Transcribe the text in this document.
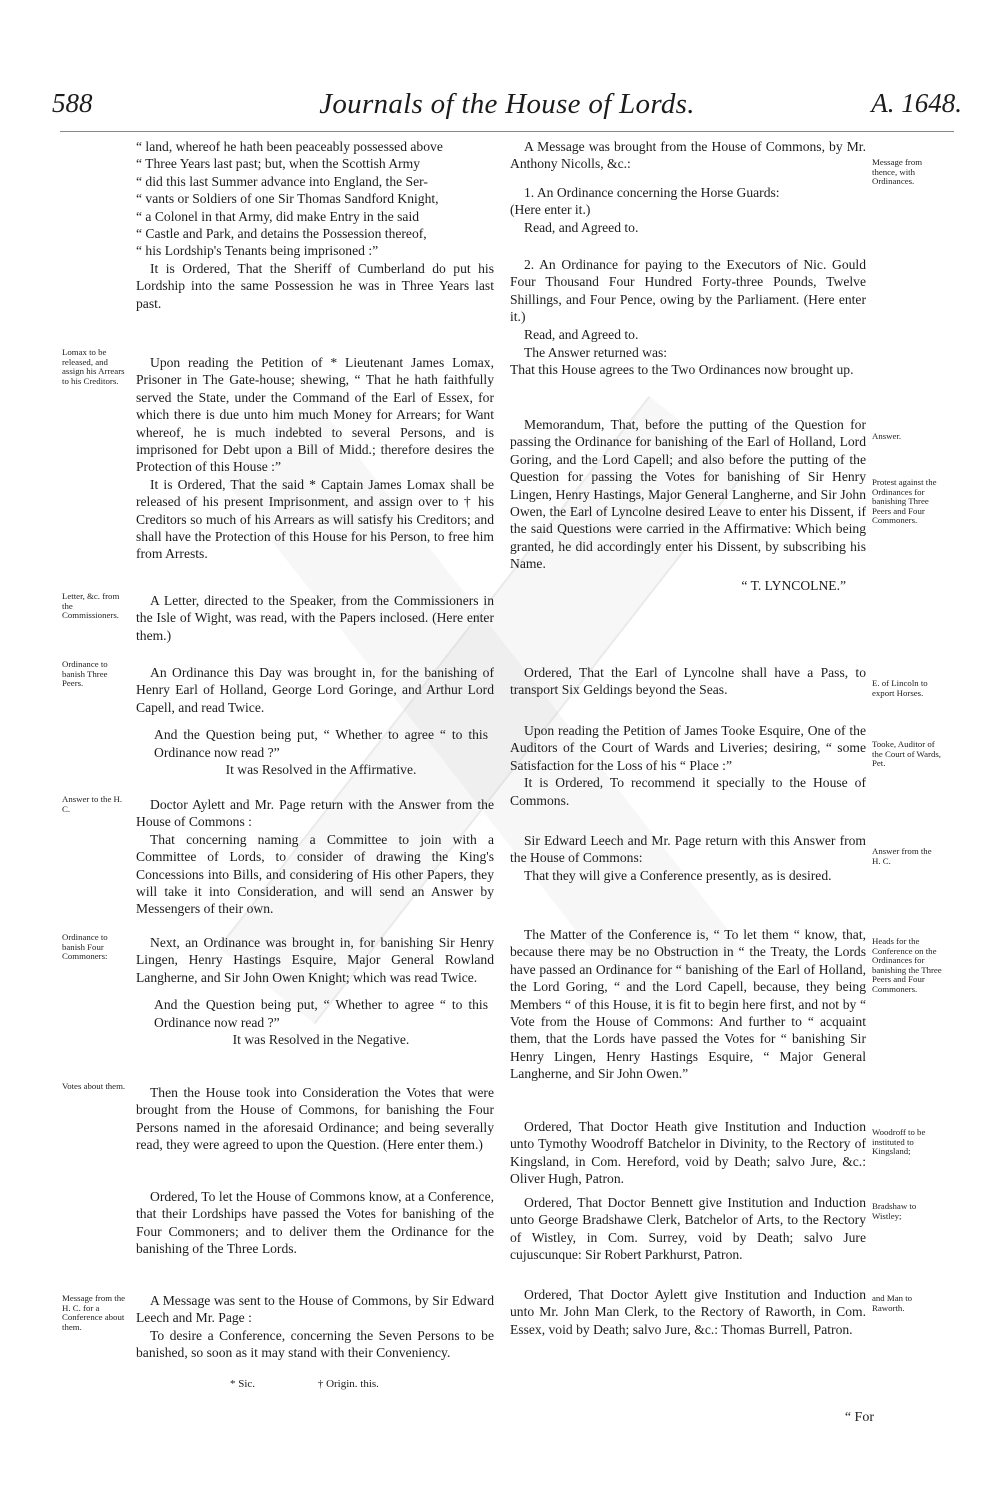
588	Journals of the House of Lords.	A. 1648.
Lomax to be released, and assign his Arrears to his Creditors.
Letter, &c. from the Commissioners.
Ordinance to banish Three Peers.
Answer to the H. C.
Ordinance to banish Four Commoners:
Votes about them.
Message from the H. C. for a Conference about them.
“ land, whereof he hath been peaceably possessed above
“ Three Years last past; but, when the Scottish Army
“ did this last Summer advance into England, the Ser-
“ vants or Soldiers of one Sir Thomas Sandford Knight,
“ a Colonel in that Army, did make Entry in the said
“ Castle and Park, and detains the Possession thereof,
“ his Lordship's Tenants being imprisoned :”

It is Ordered, That the Sheriff of Cumberland do put his Lordship into the same Possession he was in Three Years last past.

Upon reading the Petition of * Lieutenant James Lomax, Prisoner in The Gate-house; shewing, “ That he hath faithfully served the State, under the Command of the Earl of Essex, for which there is due unto him much Money for Arrears; for Want whereof, he is much indebted to several Persons, and is imprisoned for Debt upon a Bill of Midd.; therefore desires the Protection of this House :”

It is Ordered, That the said * Captain James Lomax shall be released of his present Imprisonment, and assign over to † his Creditors so much of his Arrears as will satisfy his Creditors; and shall have the Protection of this House for his Person, to free him from Arrests.

A Letter, directed to the Speaker, from the Commissioners in the Isle of Wight, was read, with the Papers inclosed. (Here enter them.)

An Ordinance this Day was brought in, for the banishing of Henry Earl of Holland, George Lord Goringe, and Arthur Lord Capell, and read Twice.

And the Question being put, “ Whether to agree “ to this Ordinance now read ?”

It was Resolved in the Affirmative.

Doctor Aylett and Mr. Page return with the Answer from the House of Commons :

That concerning naming a Committee to join with a Committee of Lords, to consider of drawing the King's Concessions into Bills, and considering of His other Papers, they will take it into Consideration, and will send an Answer by Messengers of their own.

Next, an Ordinance was brought in, for banishing Sir Henry Lingen, Henry Hastings Esquire, Major General Rowland Langherne, and Sir John Owen Knight; which was read Twice.

And the Question being put, “ Whether to agree “ to this Ordinance now read ?”

It was Resolved in the Negative.

Then the House took into Consideration the Votes that were brought from the House of Commons, for banishing the Four Persons named in the aforesaid Ordinance; and being severally read, they were agreed to upon the Question. (Here enter them.)

Ordered, To let the House of Commons know, at a Conference, that their Lordships have passed the Votes for banishing of the Four Commoners; and to deliver them the Ordinance for the banishing of the Three Lords.

A Message was sent to the House of Commons, by Sir Edward Leech and Mr. Page :

To desire a Conference, concerning the Seven Persons to be banished, so soon as it may stand with their Conveniency.

A Message was brought from the House of Commons, by Mr. Anthony Nicolls, &c.:

1. An Ordinance concerning the Horse Guards:

(Here enter it.)

Read, and Agreed to.

2. An Ordinance for paying to the Executors of Nic. Gould Four Thousand Four Hundred Forty-three Pounds, Twelve Shillings, and Four Pence, owing by the Parliament. (Here enter it.)

Read, and Agreed to.

The Answer returned was:

That this House agrees to the Two Ordinances now brought up.

Memorandum, That, before the putting of the Question for passing the Ordinance for banishing of the Earl of Holland, Lord Goring, and the Lord Capell; and also before the putting of the Question for passing the Votes for banishing of Sir Henry Lingen, Henry Hastings, Major General Langherne, and Sir John Owen, the Earl of Lyncolne desired Leave to enter his Dissent, if the said Questions were carried in the Affirmative: Which being granted, he did accordingly enter his Dissent, by subscribing his Name.

“ T. LYNCOLNE.”

Ordered, That the Earl of Lyncolne shall have a Pass, to transport Six Geldings beyond the Seas.

Upon reading the Petition of James Tooke Esquire, One of the Auditors of the Court of Wards and Liveries; desiring, “ some Satisfaction for the Loss of his “ Place :”

It is Ordered, To recommend it specially to the House of Commons.

Sir Edward Leech and Mr. Page return with this Answer from the House of Commons:

That they will give a Conference presently, as is desired.

The Matter of the Conference is, “ To let them “ know, that, because there may be no Obstruction in “ the Treaty, the Lords have passed an Ordinance for “ banishing of the Earl of Holland, the Lord Goring, “ and the Lord Capell, because, they being Members “ of this House, it is fit to begin here first, and not by “ Vote from the House of Commons: And further to “ acquaint them, that the Lords have passed the Votes for “ banishing Sir Henry Lingen, Henry Hastings Esquire, “ Major General Langherne, and Sir John Owen.”

Ordered, That Doctor Heath give Institution and Induction unto Tymothy Woodroff Batchelor in Divinity, to the Rectory of Kingsland, in Com. Hereford, void by Death; salvo Jure, &c.: Oliver Hugh, Patron.

Ordered, That Doctor Bennett give Institution and Induction unto George Bradshawe Clerk, Batchelor of Arts, to the Rectory of Wistley, in Com. Surrey, void by Death; salvo Jure cujuscunque: Sir Robert Parkhurst, Patron.

Ordered, That Doctor Aylett give Institution and Induction unto Mr. John Man Clerk, to the Rectory of Raworth, in Com. Essex, void by Death; salvo Jure, &c.: Thomas Burrell, Patron.

Message from thence, with Ordinances.
Answer.
Protest against the Ordinances for banishing Three Peers and Four Commoners.
E. of Lincoln to export Horses.
Tooke, Auditor of the Court of Wards, Pet.
Answer from the H. C.
Heads for the Conference on the Ordinances for banishing the Three Peers and Four Commoners.
Woodroff to be instituted to Kingsland;
Bradshaw to Wistley;
and Man to Raworth.
* Sic.	† Origin. this.
“ For
